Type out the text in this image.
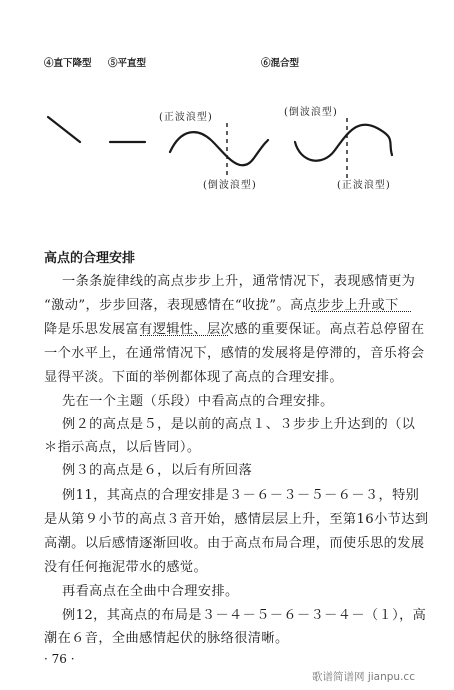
④直下降型 ⑤平直型	⑥混合型
(正波浪型)
(倒波浪型)
(倒波浪型)
(正波浪型)
高点的合理安排
一条条旋律线的高点步步上升，通常情况下，表现感情更为
“激动”，步步回落，表现感情在“收拢”。高点步步上升或下
降是乐思发展富有逻辑性、层次感的重要保证。高点若总停留在
一个水平上，在通常情况下，感情的发展将是停滞的，音乐将会
显得平淡。下面的举例都体现了高点的合理安排。
先在一个主题（乐段）中看高点的合理安排。
例２的高点是５，是以前的高点１、３步步上升达到的（以
＊指示高点，以后皆同）。
例３的高点是６，以后有所回落
例11，其高点的合理安排是３－６－３－５－６－３，特别
是从第９小节的高点３音开始，感情层层上升，至第16小节达到
高潮。以后感情逐渐回收。由于高点布局合理，而使乐思的发展
没有任何拖泥带水的感觉。
再看高点在全曲中合理安排。
例12，其高点的布局是３－４－５－６－３－４－（１），高
潮在６音，全曲感情起伏的脉络很清晰。
· 76 ·
歌谱简谱网 jianpu.cc
